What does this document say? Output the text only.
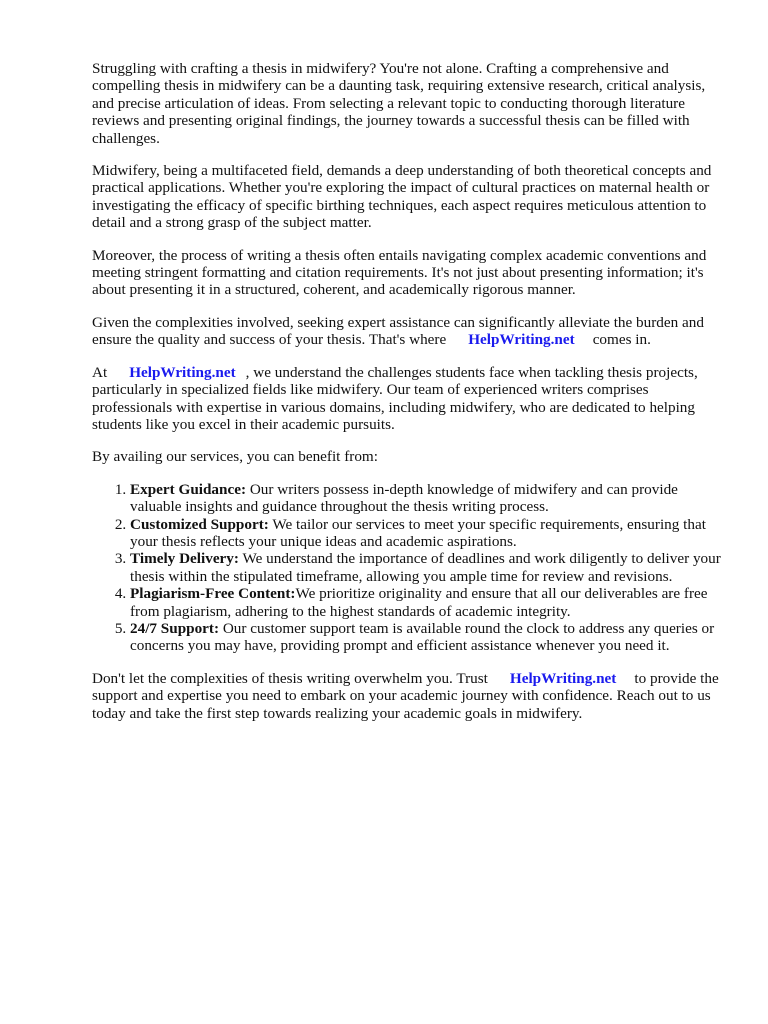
Struggling with crafting a thesis in midwifery? You're not alone. Crafting a comprehensive and compelling thesis in midwifery can be a daunting task, requiring extensive research, critical analysis, and precise articulation of ideas. From selecting a relevant topic to conducting thorough literature reviews and presenting original findings, the journey towards a successful thesis can be filled with challenges.

Midwifery, being a multifaceted field, demands a deep understanding of both theoretical concepts and practical applications. Whether you're exploring the impact of cultural practices on maternal health or investigating the efficacy of specific birthing techniques, each aspect requires meticulous attention to detail and a strong grasp of the subject matter.

Moreover, the process of writing a thesis often entails navigating complex academic conventions and meeting stringent formatting and citation requirements. It's not just about presenting information; it's about presenting it in a structured, coherent, and academically rigorous manner.

Given the complexities involved, seeking expert assistance can significantly alleviate the burden and ensure the quality and success of your thesis. That's where HelpWriting.net comes in.

At HelpWriting.net , we understand the challenges students face when tackling thesis projects, particularly in specialized fields like midwifery. Our team of experienced writers comprises professionals with expertise in various domains, including midwifery, who are dedicated to helping students like you excel in their academic pursuits.

By availing our services, you can benefit from:

1. Expert Guidance: Our writers possess in-depth knowledge of midwifery and can provide valuable insights and guidance throughout the thesis writing process.
2. Customized Support: We tailor our services to meet your specific requirements, ensuring that your thesis reflects your unique ideas and academic aspirations.
3. Timely Delivery: We understand the importance of deadlines and work diligently to deliver your thesis within the stipulated timeframe, allowing you ample time for review and revisions.
4. Plagiarism-Free Content:We prioritize originality and ensure that all our deliverables are free from plagiarism, adhering to the highest standards of academic integrity.
5. 24/7 Support: Our customer support team is available round the clock to address any queries or concerns you may have, providing prompt and efficient assistance whenever you need it.

Don't let the complexities of thesis writing overwhelm you. Trust HelpWriting.net to provide the support and expertise you need to embark on your academic journey with confidence. Reach out to us today and take the first step towards realizing your academic goals in midwifery.
